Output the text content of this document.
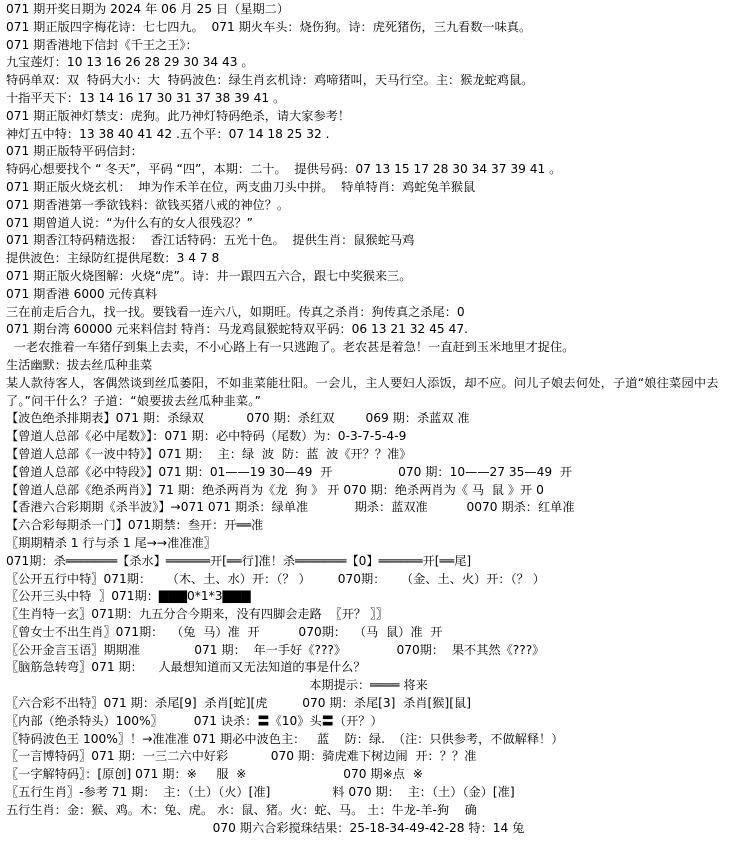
071 期开奖日期为 2024 年 06 月 25 日（星期二）
071 期正版四字梅花诗：七七四九。  071 期火车头：烧伤狗。诗：虎死猪伤，三九看数一味真。
071 期香港地下信封《千王之王》：
九宝莲灯：10 13 16 26 28 29 30 34 43 。
特码单双：双  特码大小：大  特码波色：绿生肖玄机诗：鸡啼猪叫，天马行空。主：猴龙蛇鸡鼠。
十指平天下：13 14 16 17 30 31 37 38 39 41 。
071 期正版神灯禁支：虎狗。此乃神灯特码绝杀，请大家参考！
神灯五中特：13 38 40 41 42 .五个平：07 14 18 25 32 .
071 期正版特平码信封：
特码心想要找个 “ 冬天”，平码 “四”，本期：二十。  提供号码：07 13 15 17 28 30 34 37 39 41 。
071 期正版火烧玄机：  坤为作禾羊在位，两支曲刀头中拼。  特单特肖：鸡蛇兔羊猴鼠
071 期香港第一季欲钱料：欲钱买猪八戒的神位？。
071 期曾道人说：“为什么有的女人很残忍？”
071 期香江特码精选报：  香江话特码：五光十色。  提供生肖：鼠猴蛇马鸡
提供波色：主绿防红提供尾数：3 4 7 8
071 期正版火烧图解：火烧“虎”。诗：井一跟四五六合，跟七中奖猴来三。
071 期香港 6000 元传真料
三在前走后合九，找一找。要钱看一连六八，如期旺。传真之杀肖：狗传真之杀尾：0
071 期台湾 60000 元来料信封 特肖：马龙鸡鼠猴蛇特双平码：06 13 21 32 45 47.
一老农推着一车猪仔到集上去卖，不小心路上有一只逃跑了。老农甚是着急！一直赶到玉米地里才捉住。
生活幽默：拔去丝瓜种韭菜
某人款待客人，客偶然谈到丝瓜萎阳，不如韭菜能壮阳。一会儿，主人要妇人添饭，却不应。问儿子娘去何处，子道“娘往菜园中去了。”问干什么？子道：“娘要拔去丝瓜种韭菜。”
【波色绝杀排期表】071 期：杀绿双           070 期：杀红双        069 期：杀蓝双 准
【曾道人总部《必中尾数》】：071 期：必中特码（尾数）为：0-3-7-5-4-9
【曾道人总部《一波中特》】071 期：  主：绿  波  防：蓝  波《开？？准》
【曾道人总部《必中特段》】071 期：01——19 30—49  开                 070 期：10——27 35—49  开
【曾道人总部《绝杀两肖》】71 期：绝杀两肖为《龙  狗 》 开 070 期：绝杀两肖为《 马  鼠 》开 0
【香港六合彩期期《杀半波》】→071 071 期杀：绿单准            期杀：蓝双准          0070 期杀：红单准
【六合彩每期杀一门】071期禁：叁开：开══准
〖期期精杀 1 行与杀 1 尾→→准准准〗
071期：杀═══════【杀水】══════开[══行]准！杀═══════【0】══════开[══尾]
〖公开五行中特〗071期：    （木、土、水）开：（？ ）       070期：    （金、土、火）开：（？ ）
〖公开三头中特  〗071期：▇▇▇0*1*3▇▇▇
〖生肖特一玄〗071期：九五分合今期来，没有四脚会走路  〖开？ 〗〗
〖曾女士不出生肖〗071期：  （兔  马）准  开          070期：  （马  鼠）准  开
〖公开金言玉语〗期期准              071 期：  年一手好《???》             070期：  果不其然《???》
〖脑筋急转弯〗071 期：    人最想知道而又无法知道的事是什么？
本期提示：════ 将来
〖六合彩不出特〗071 期：杀尾[9]  杀肖[蛇][虎         070 期：杀尾[3]  杀肖[猴][鼠]
〖内部（绝杀特头）100%〗        071 诀杀：〓《10》头〓（开？）
〖特码波色王 100%〗！→准准准 071 期必中波色主：   蓝    防：绿.  （注：只供参考，不做解释！）
〖一言博特码〗071 期：一三二六中好彩           070 期：骑虎难下树边闹  开：？？准
〖一字解特码〗：[原创] 071 期：※     服  ※                         070 期※点  ※
〖五行生肖〗-参考 71 期：  主：（土）（火）[准]                料 070 期：  主：（土）（金）[准]
五行生肖：金：猴、鸡。木：兔、虎。 水：鼠、猪。火：蛇、马。 土：牛龙-羊-狗    确
070 期六合彩搅珠结果：25-18-34-49-42-28 特：14 兔
